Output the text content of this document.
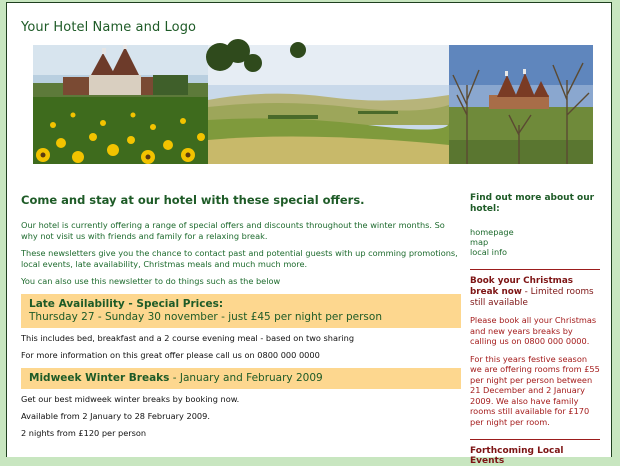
Your Hotel Name and Logo
Come and stay at our hotel with these special offers.

Our hotel is currently offering a range of special offers and discounts throughout the winter months. So why not visit us with friends and family for a relaxing break.

These newsletters give you the chance to contact past and potential guests with up comming promotions, local events, late availability, Christmas meals and much much more.

You can also use this newsletter to do things such as the below

Late Availability - Special Prices:
Thursday 27 - Sunday 30 november - just £45 per night per person

This includes bed, breakfast and a 2 course evening meal - based on two sharing

For more information on this great offer please call us on 0800 000 0000

Midweek Winter Breaks - January and February 2009

Get our best midweek winter breaks by booking now.

Available from 2 January to 28 February 2009.

2 nights from £120 per person

Find out more about our hotel:
homepage
map
local info
Book your Christmas break now - Limited rooms still available

Please book all your Christmas and new years breaks by calling us on 0800 000 0000.

For this years festive season we are offering rooms from £55 per night per person between 21 December and 2 January 2009. We also have family rooms still available for £170 per night per room.

Forthcoming Local Events
